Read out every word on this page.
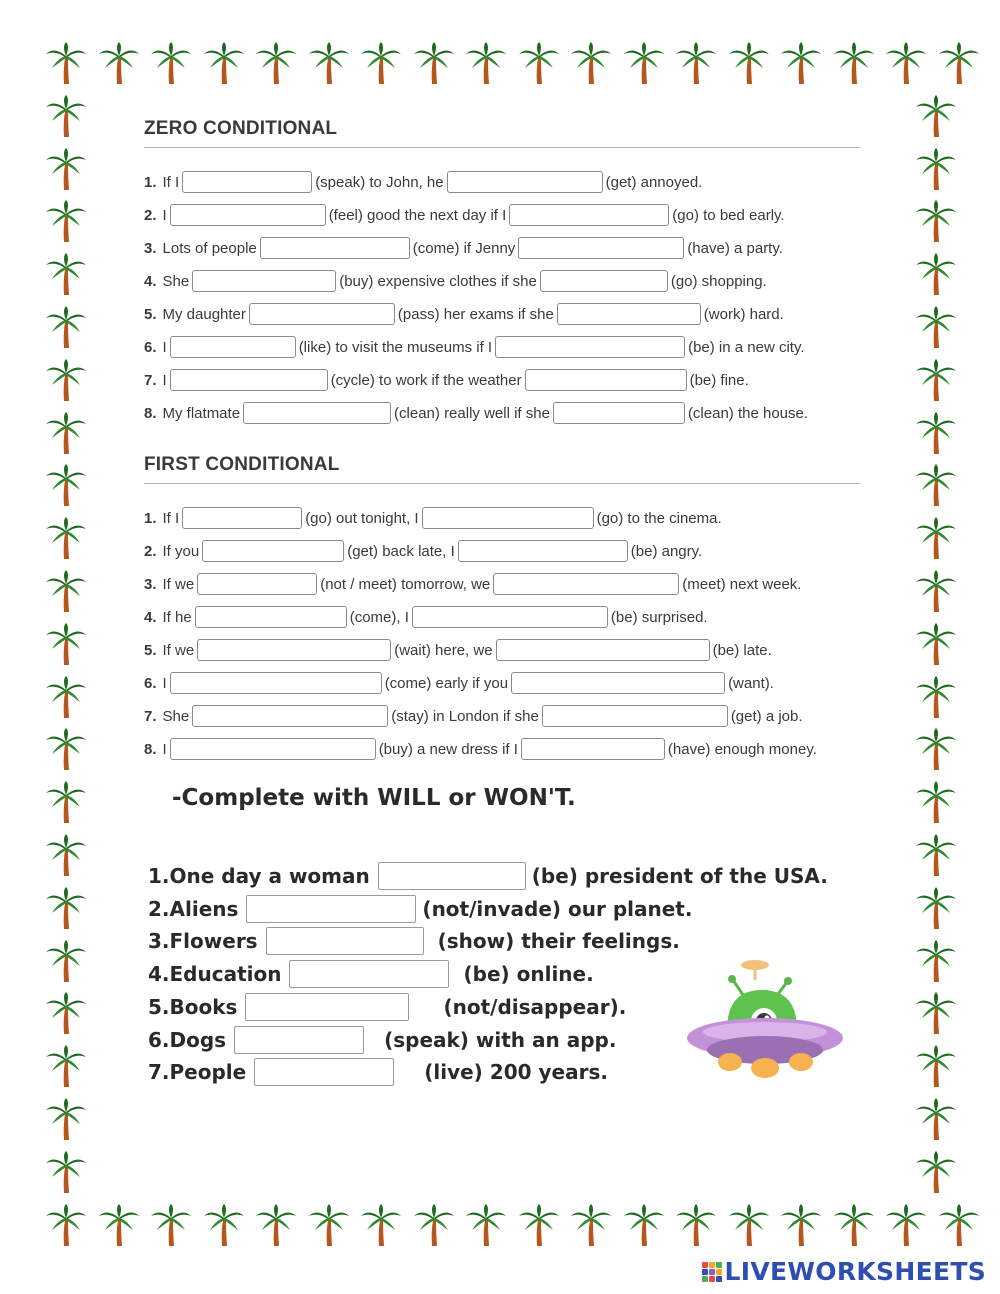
ZERO CONDITIONAL
1. If I	(speak) to John, he	(get) annoyed.
2. I	(feel) good the next day if I	(go) to bed early.
3. Lots of people	(come) if Jenny	(have) a party.
4. She	(buy) expensive clothes if she	(go) shopping.
5. My daughter	(pass) her exams if she	(work) hard.
6. I	(like) to visit the museums if I	(be) in a new city.
7. I	(cycle) to work if the weather	(be) fine.
8. My flatmate	(clean) really well if she	(clean) the house.
FIRST CONDITIONAL
1. If I	(go) out tonight, I	(go) to the cinema.
2. If you	(get) back late, I	(be) angry.
3. If we	(not / meet) tomorrow, we	(meet) next week.
4. If he	(come), I	(be) surprised.
5. If we	(wait) here, we	(be) late.
6. I	(come) early if you	(want).
7. She	(stay) in London if she	(get) a job.
8. I	(buy) a new dress if I	(have) enough money.
-Complete with WILL or WON'T.
1.One day a woman	(be) president of the USA.
2.Aliens	(not/invade) our planet.
3.Flowers	(show) their feelings.
4.Education	(be) online.
5.Books	(not/disappear).
6.Dogs	(speak) with an app.
7.People	(live) 200 years.
LIVEWORKSHEETS
